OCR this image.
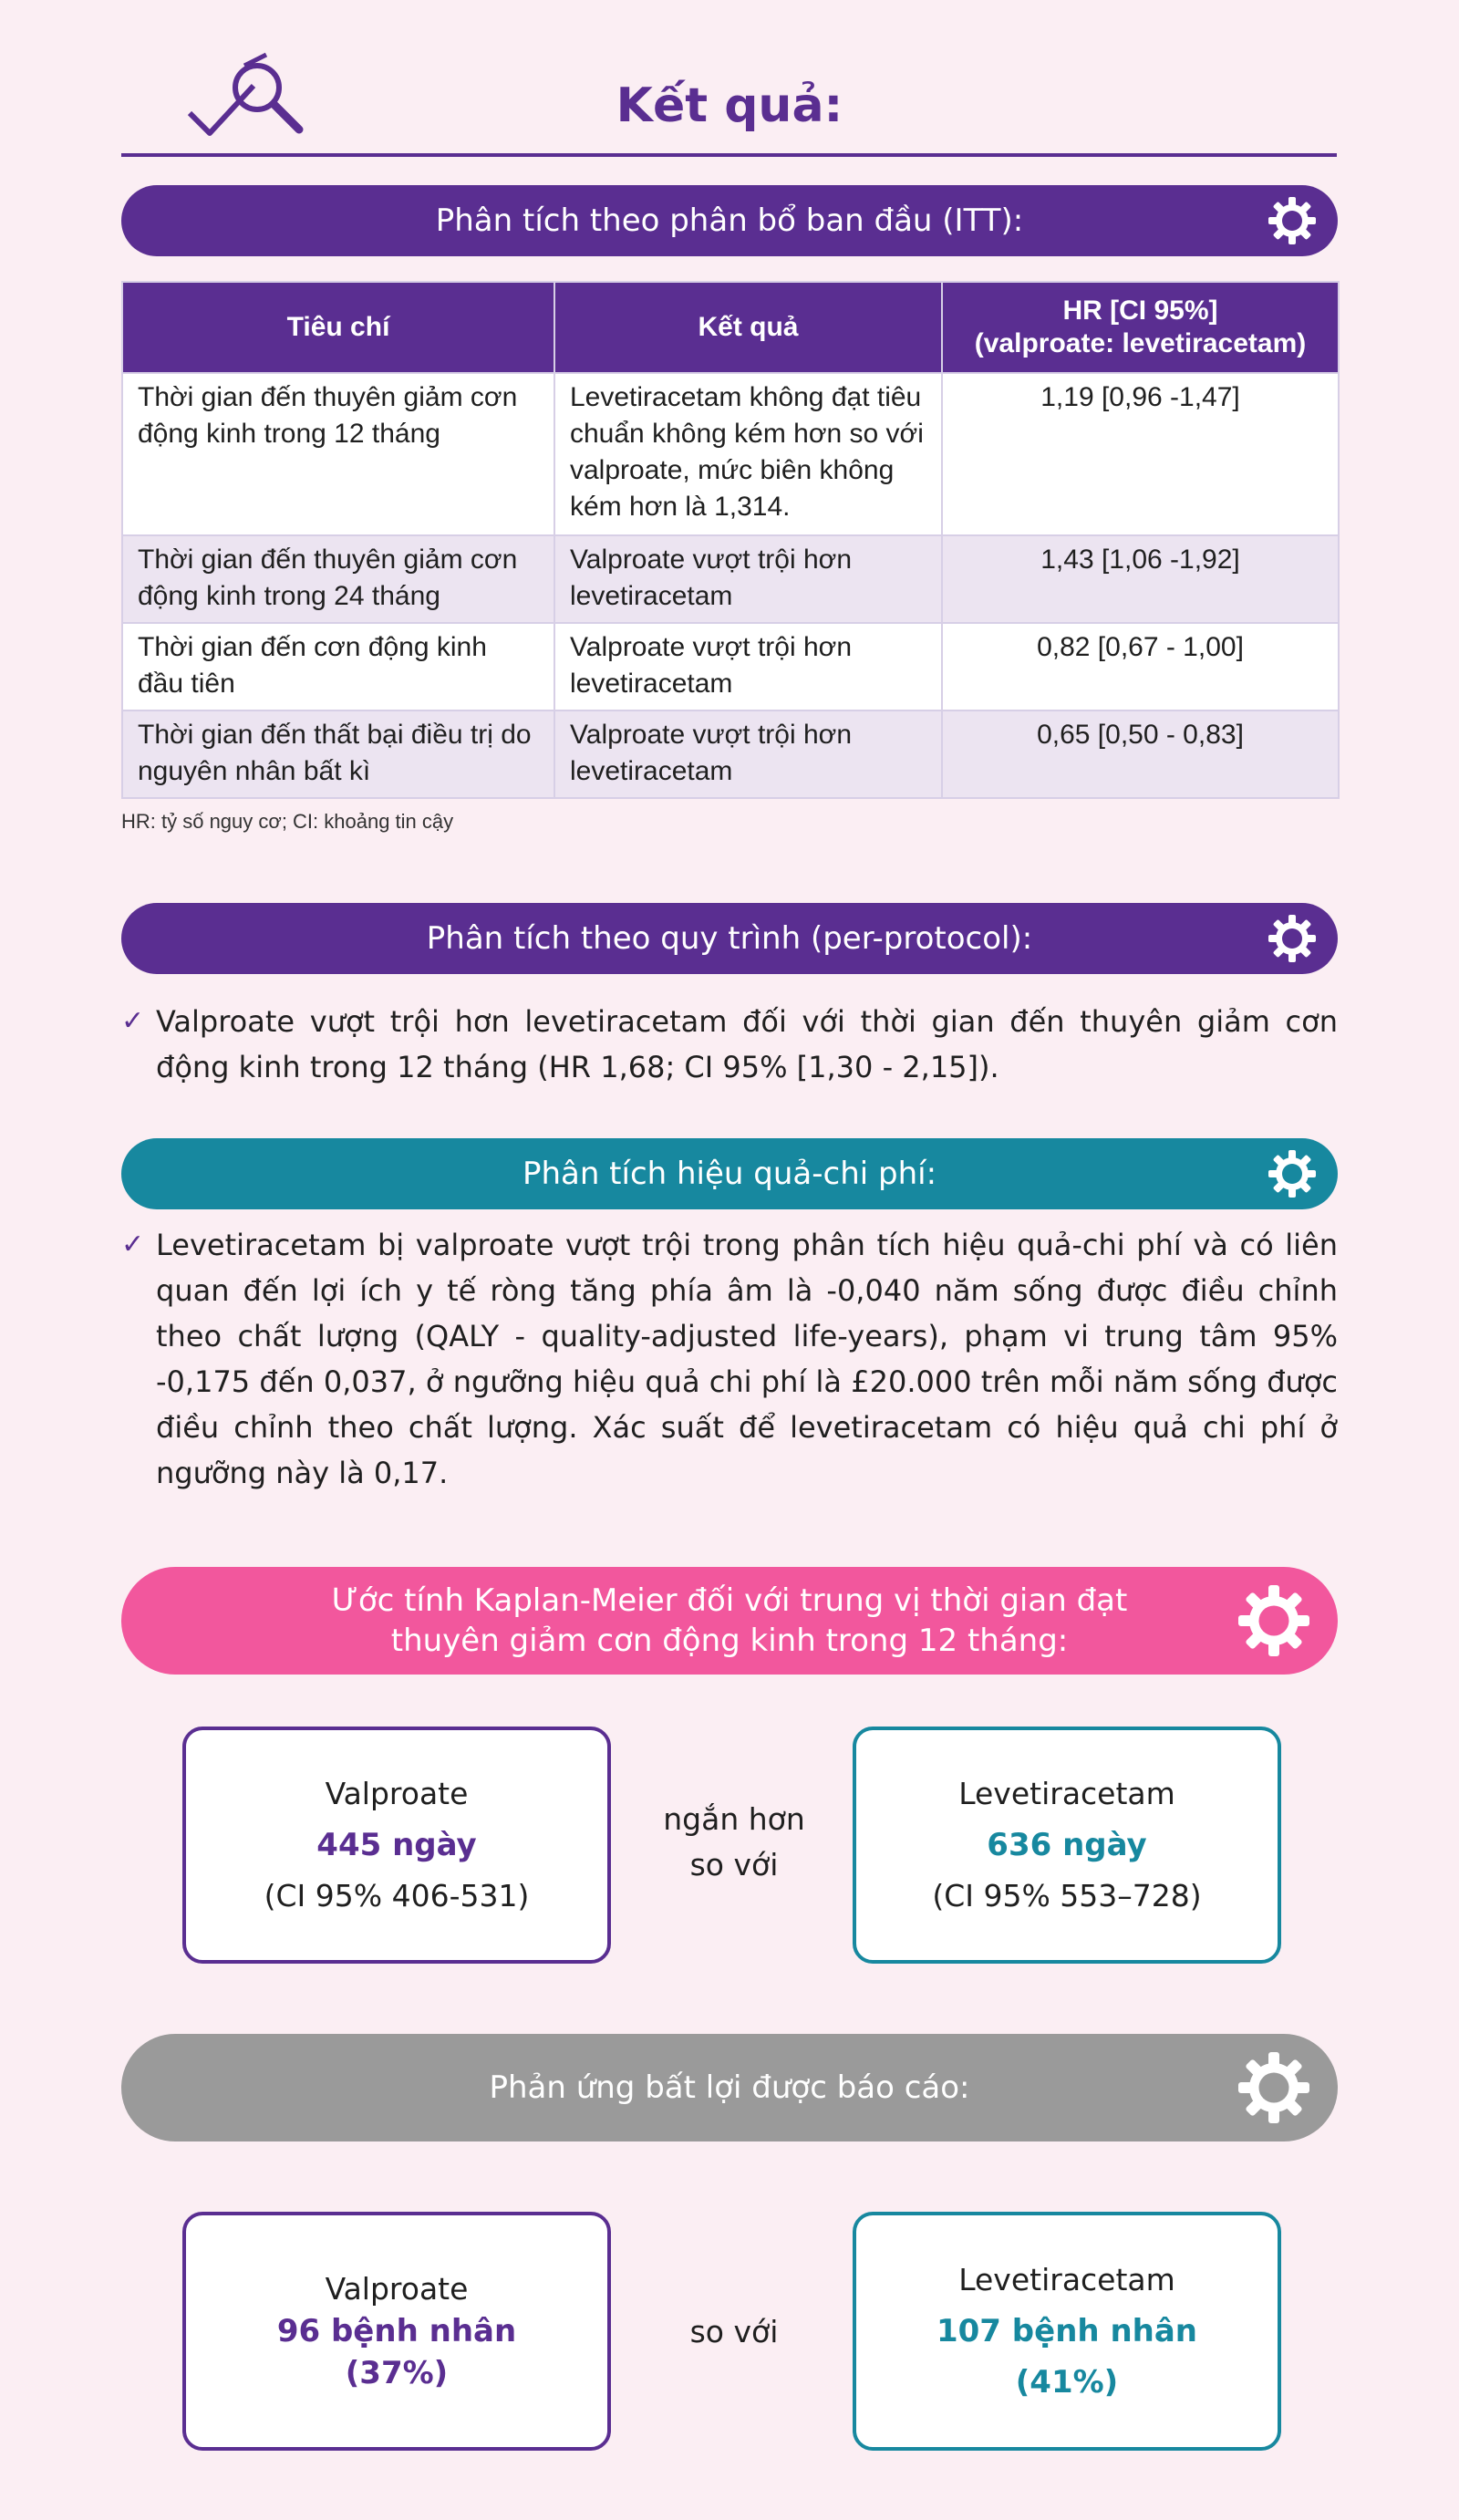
Kết quả:
Phân tích theo phân bổ ban đầu (ITT):
Tiêu chí	Kết quả	HR [CI 95%]
(valproate: levetiracetam)

Thời gian đến thuyên giảm cơn động kinh trong 12 tháng	Levetiracetam không đạt tiêu chuẩn không kém hơn so với valproate, mức biên không kém hơn là 1,314.	1,19 [0,96 -1,47]
Thời gian đến thuyên giảm cơn động kinh trong 24 tháng	Valproate vượt trội hơn levetiracetam	1,43 [1,06 -1,92]
Thời gian đến cơn động kinh đầu tiên	Valproate vượt trội hơn levetiracetam	0,82 [0,67 - 1,00]
Thời gian đến thất bại điều trị do nguyên nhân bất kì	Valproate vượt trội hơn levetiracetam	0,65 [0,50 - 0,83]
HR: tỷ số nguy cơ; CI: khoảng tin cậy
Phân tích theo quy trình (per-protocol):
✓ Valproate vượt trội hơn levetiracetam đối với thời gian đến thuyên giảm cơn động kinh trong 12 tháng (HR 1,68; CI 95% [1,30 - 2,15]).
Phân tích hiệu quả-chi phí:
✓ Levetiracetam bị valproate vượt trội trong phân tích hiệu quả-chi phí và có liên quan đến lợi ích y tế ròng tăng phía âm là -0,040 năm sống được điều chỉnh theo chất lượng (QALY - quality-adjusted life-years), phạm vi trung tâm 95% -0,175 đến 0,037, ở ngưỡng hiệu quả chi phí là £20.000 trên mỗi năm sống được điều chỉnh theo chất lượng. Xác suất để levetiracetam có hiệu quả chi phí ở ngưỡng này là 0,17.
Ước tính Kaplan-Meier đối với trung vị thời gian đạt
thuyên giảm cơn động kinh trong 12 tháng:
Valproate
445 ngày
(CI 95% 406-531)
ngắn hơn
so với
Levetiracetam
636 ngày
(CI 95% 553–728)
Phản ứng bất lợi được báo cáo:
Valproate
96 bệnh nhân
(37%)
so với
Levetiracetam
107 bệnh nhân
(41%)
